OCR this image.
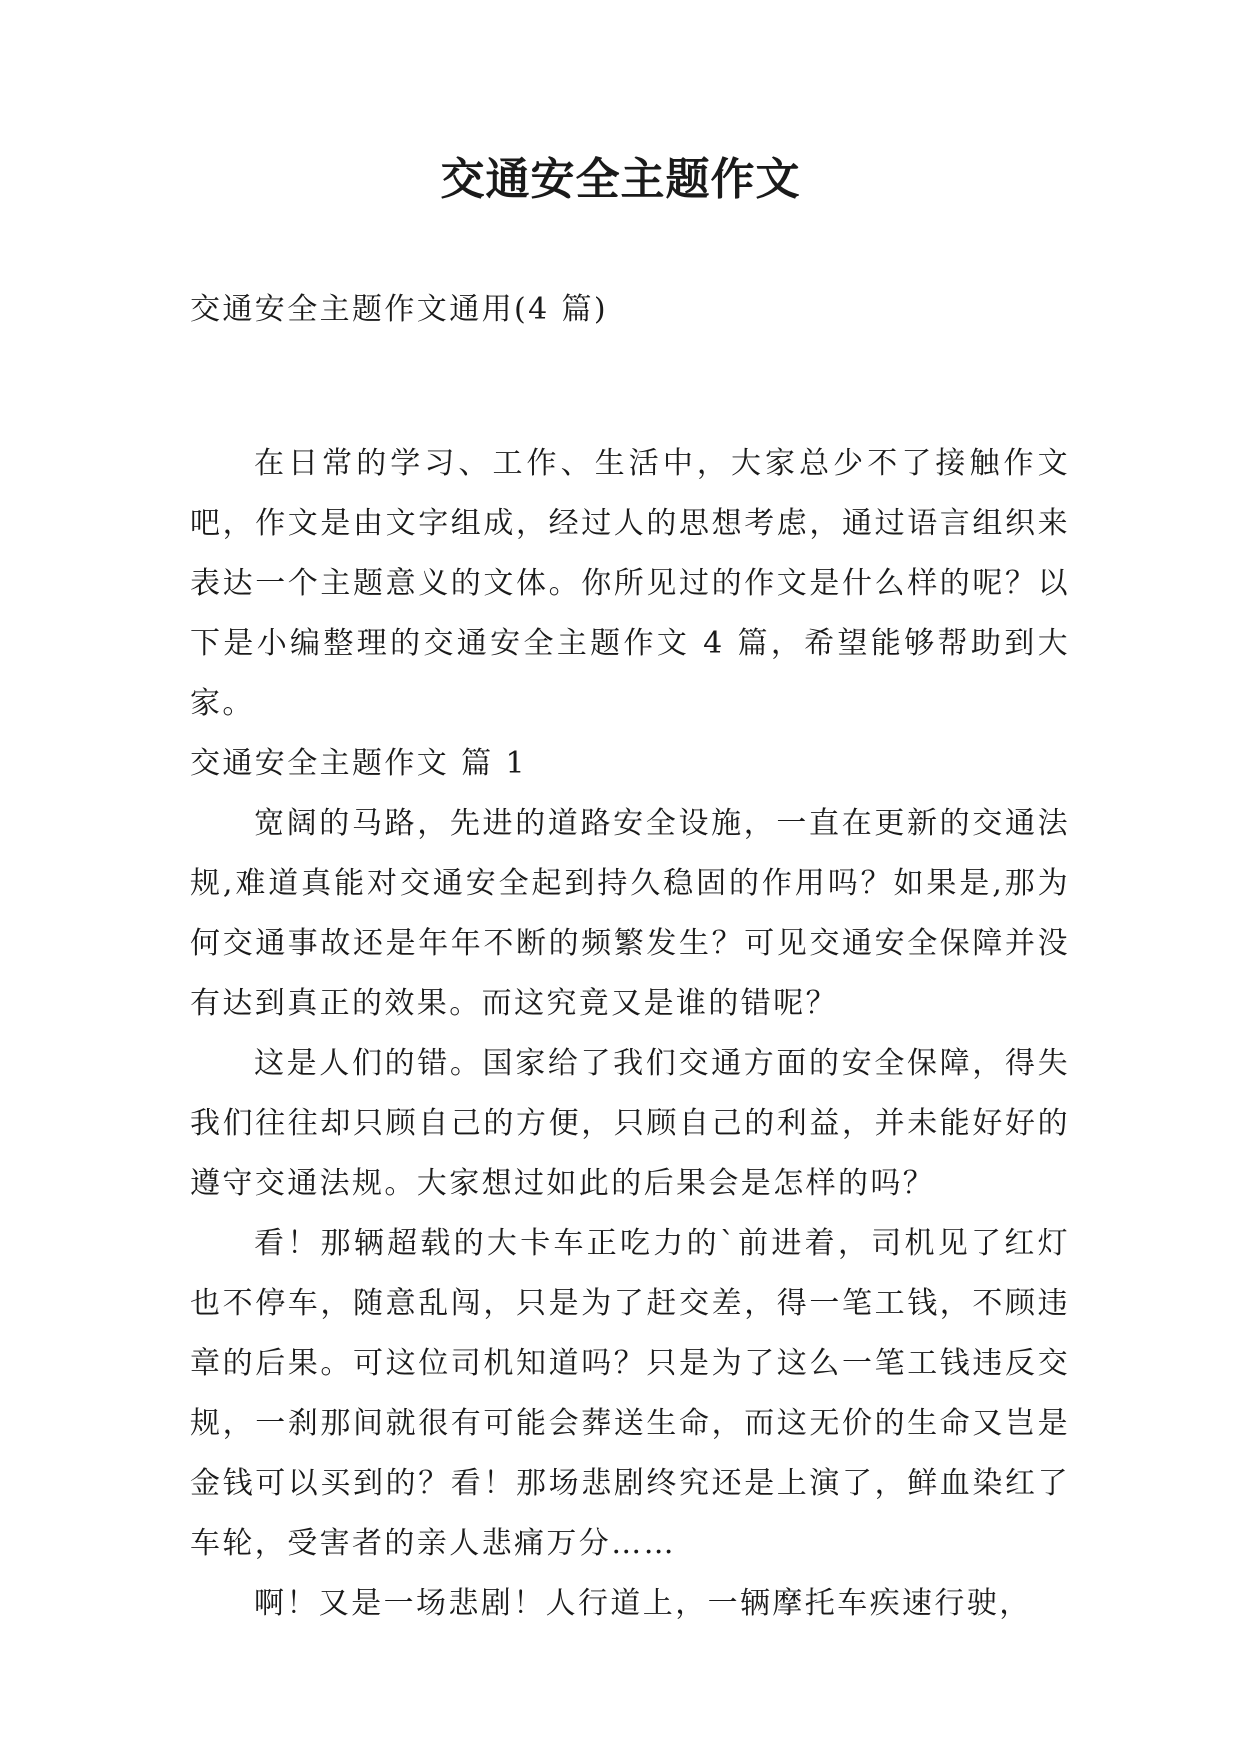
交通安全主题作文

交通安全主题作文通用(4 篇)

在日常的学习、工作、生活中，大家总少不了接触作文吧，作文是由文字组成，经过人的思想考虑，通过语言组织来表达一个主题意义的文体。你所见过的作文是什么样的呢？以下是小编整理的交通安全主题作文 4 篇，希望能够帮助到大家。

交通安全主题作文 篇 1

宽阔的马路，先进的道路安全设施，一直在更新的交通法规,难道真能对交通安全起到持久稳固的作用吗？如果是,那为何交通事故还是年年不断的频繁发生？可见交通安全保障并没有达到真正的效果。而这究竟又是谁的错呢？

这是人们的错。国家给了我们交通方面的安全保障，得失我们往往却只顾自己的方便，只顾自己的利益，并未能好好的遵守交通法规。大家想过如此的后果会是怎样的吗？

看！那辆超载的大卡车正吃力的`前进着，司机见了红灯也不停车，随意乱闯，只是为了赶交差，得一笔工钱，不顾违章的后果。可这位司机知道吗？只是为了这么一笔工钱违反交规，一刹那间就很有可能会葬送生命，而这无价的生命又岂是金钱可以买到的？看！那场悲剧终究还是上演了，鲜血染红了车轮，受害者的亲人悲痛万分……

啊！又是一场悲剧！人行道上，一辆摩托车疾速行驶，
